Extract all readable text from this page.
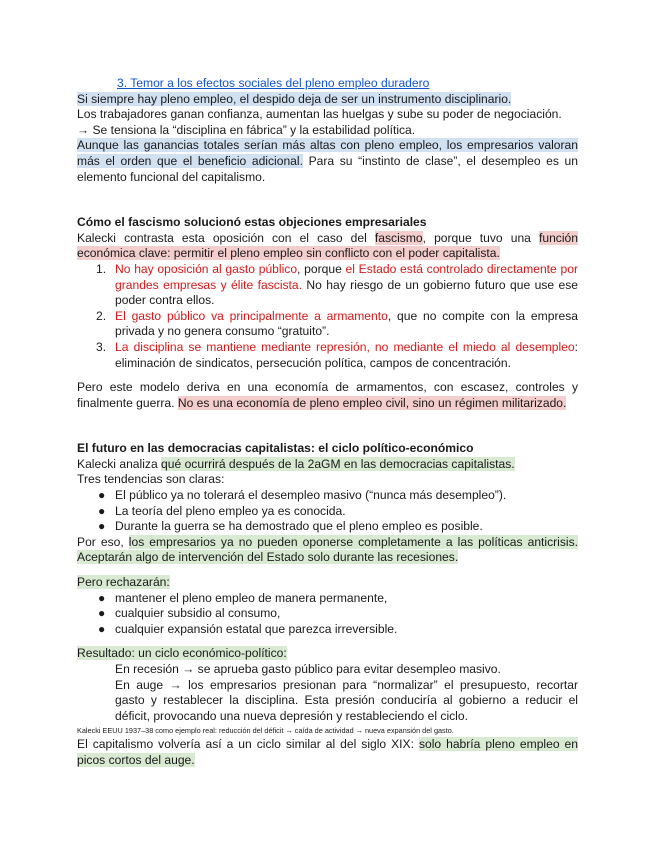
3. Temor a los efectos sociales del pleno empleo duradero

Si siempre hay pleno empleo, el despido deja de ser un instrumento disciplinario.

Los trabajadores ganan confianza, aumentan las huelgas y sube su poder de negociación.

→ Se tensiona la “disciplina en fábrica” y la estabilidad política.

Aunque las ganancias totales serían más altas con pleno empleo, los empresarios valoran más el orden que el beneficio adicional. Para su “instinto de clase”, el desempleo es un elemento funcional del capitalismo.

Cómo el fascismo solucionó estas objeciones empresariales

Kalecki contrasta esta oposición con el caso del fascismo, porque tuvo una función económica clave: permitir el pleno empleo sin conflicto con el poder capitalista.

1. No hay oposición al gasto público, porque el Estado está controlado directamente por grandes empresas y élite fascista. No hay riesgo de un gobierno futuro que use ese poder contra ellos.
2. El gasto público va principalmente a armamento, que no compite con la empresa privada y no genera consumo “gratuito”.
3. La disciplina se mantiene mediante represión, no mediante el miedo al desempleo: eliminación de sindicatos, persecución política, campos de concentración.

Pero este modelo deriva en una economía de armamentos, con escasez, controles y finalmente guerra. No es una economía de pleno empleo civil, sino un régimen militarizado.

El futuro en las democracias capitalistas: el ciclo político-económico

Kalecki analiza qué ocurrirá después de la 2aGM en las democracias capitalistas.

Tres tendencias son claras:

● El público ya no tolerará el desempleo masivo (“nunca más desempleo”).
● La teoría del pleno empleo ya es conocida.
● Durante la guerra se ha demostrado que el pleno empleo es posible.

Por eso, los empresarios ya no pueden oponerse completamente a las políticas anticrisis. Aceptarán algo de intervención del Estado solo durante las recesiones.

Pero rechazarán:

● mantener el pleno empleo de manera permanente,
● cualquier subsidio al consumo,
● cualquier expansión estatal que parezca irreversible.

Resultado: un ciclo económico-político:

En recesión → se aprueba gasto público para evitar desempleo masivo.

En auge → los empresarios presionan para “normalizar” el presupuesto, recortar gasto y restablecer la disciplina. Esta presión conduciría al gobierno a reducir el déficit, provocando una nueva depresión y restableciendo el ciclo.

Kalecki EEUU 1937–38 como ejemplo real: reducción del déficit → caída de actividad → nueva expansión del gasto.

El capitalismo volvería así a un ciclo similar al del siglo XIX: solo habría pleno empleo en picos cortos del auge.
